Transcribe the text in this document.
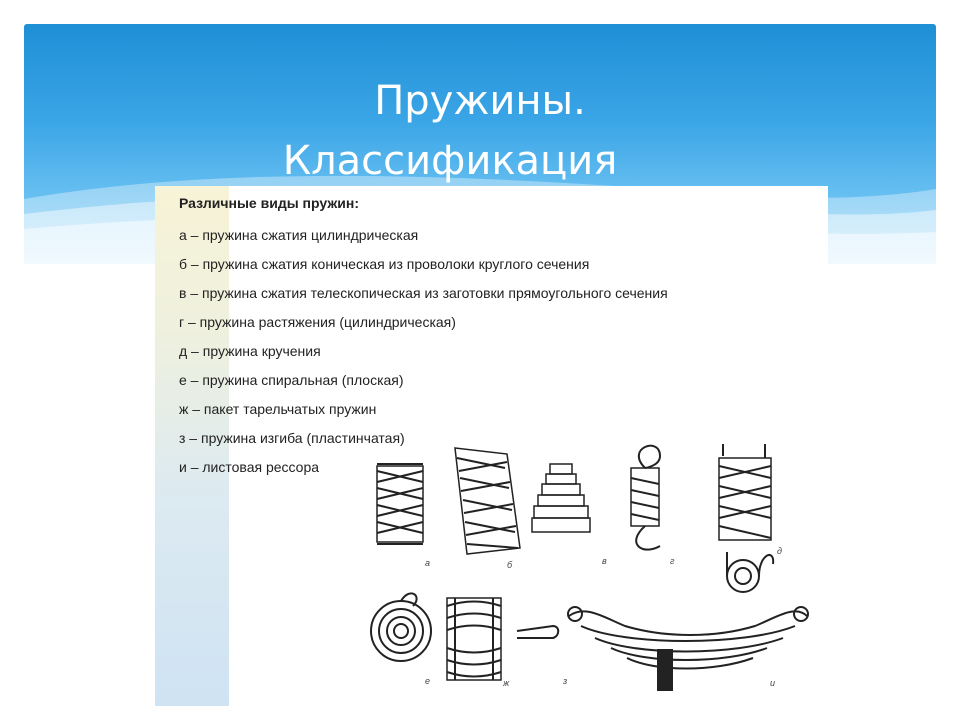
Пружины.
Классификация
Различные виды пружин:
а – пружина сжатия цилиндрическая
б – пружина сжатия коническая из проволоки круглого сечения
в – пружина сжатия телескопическая из заготовки прямоугольного сечения
г – пружина растяжения (цилиндрическая)
д – пружина кручения
е – пружина спиральная (плоская)
ж – пакет тарельчатых пружин
з – пружина изгиба (пластинчатая)
и – листовая рессора
а	б	в	г
д
е	ж	з	и
